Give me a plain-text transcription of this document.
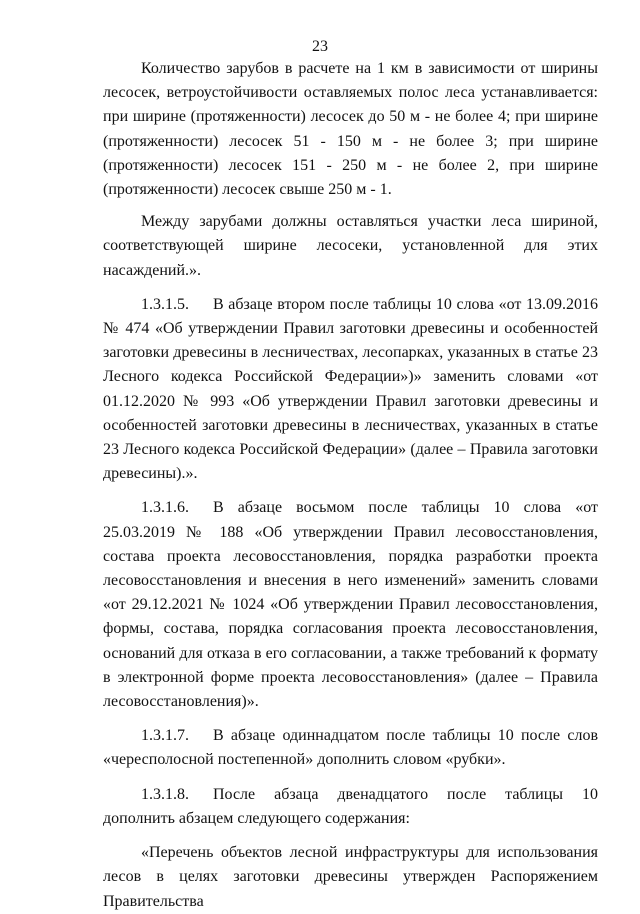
23

Количество зарубов в расчете на 1 км в зависимости от ширины лесосек, ветроустойчивости оставляемых полос леса устанавливается: при ширине (протяженности) лесосек до 50 м - не более 4; при ширине (протяженности) лесосек 51 - 150 м - не более 3; при ширине (протяженности) лесосек 151 - 250 м - не более 2, при ширине (протяженности) лесосек свыше 250 м - 1.

Между зарубами должны оставляться участки леса шириной, соответствующей ширине лесосеки, установленной для этих насаждений.».

1.3.1.5. В абзаце втором после таблицы 10 слова «от 13.09.2016 № 474 «Об утверждении Правил заготовки древесины и особенностей заготовки древесины в лесничествах, лесопарках, указанных в статье 23 Лесного кодекса Российской Федерации»)» заменить словами «от 01.12.2020 № 993 «Об утверждении Правил заготовки древесины и особенностей заготовки древесины в лесничествах, указанных в статье 23 Лесного кодекса Российской Федерации» (далее – Правила заготовки древесины).».

1.3.1.6. В абзаце восьмом после таблицы 10 слова «от 25.03.2019 № 188 «Об утверждении Правил лесовосстановления, состава проекта лесовосстановления, порядка разработки проекта лесовосстановления и внесения в него изменений» заменить словами «от 29.12.2021 № 1024 «Об утверждении Правил лесовосстановления, формы, состава, порядка согласования проекта лесовосстановления, оснований для отказа в его согласовании, а также требований к формату в электронной форме проекта лесовосстановления» (далее – Правила лесовосстановления)».

1.3.1.7. В абзаце одиннадцатом после таблицы 10 после слов «чересполосной постепенной» дополнить словом «рубки».

1.3.1.8. После абзаца двенадцатого после таблицы 10 дополнить абзацем следующего содержания:

«Перечень объектов лесной инфраструктуры для использования лесов в целях заготовки древесины утвержден Распоряжением Правительства
